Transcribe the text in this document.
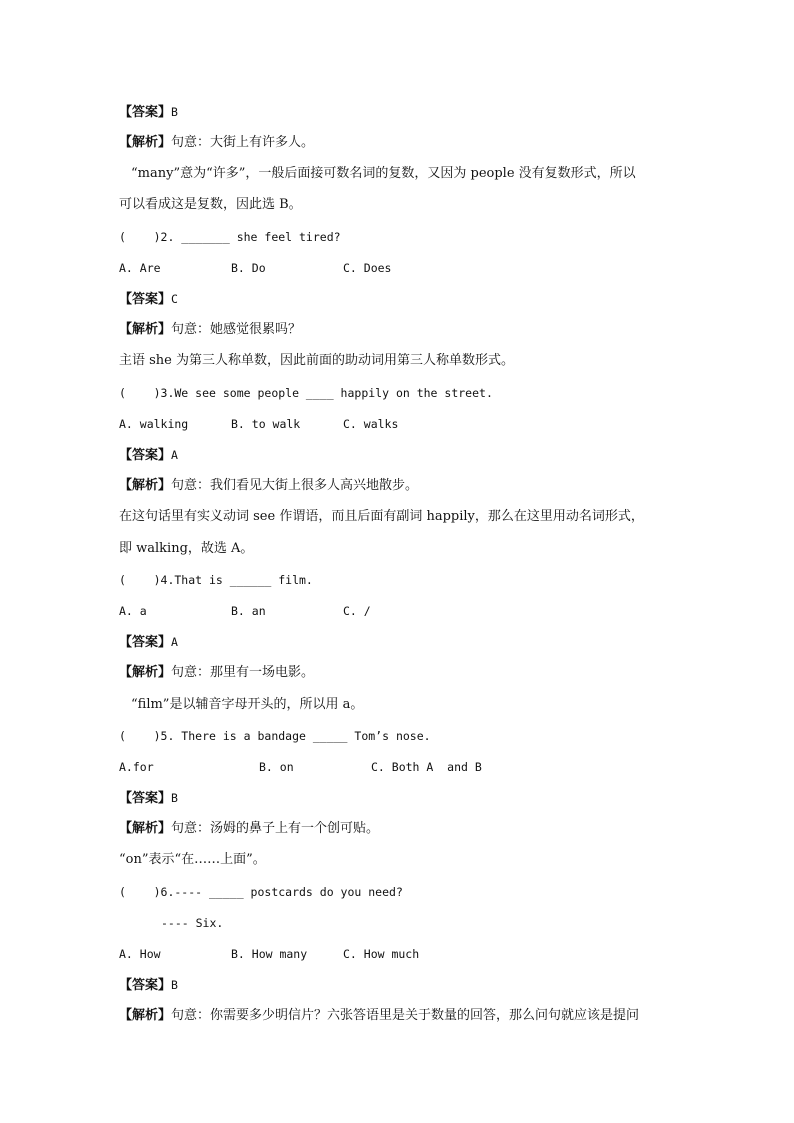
【答案】B
【解析】句意：大街上有许多人。
“many”意为“许多”，一般后面接可数名词的复数，又因为 people 没有复数形式，所以
可以看成这是复数，因此选 B。
(    )2. _______ she feel tired?
A. Are	B. Do	C. Does
【答案】C
【解析】句意：她感觉很累吗？
主语 she 为第三人称单数，因此前面的助动词用第三人称单数形式。
(    )3.We see some people ____ happily on the street.
A. walking	B. to walk	C. walks
【答案】A
【解析】句意：我们看见大街上很多人高兴地散步。
在这句话里有实义动词 see 作谓语，而且后面有副词 happily，那么在这里用动名词形式，
即 walking，故选 A。
(    )4.That is ______ film.
A. a	B. an	C. /
【答案】A
【解析】句意：那里有一场电影。
“film”是以辅音字母开头的，所以用 a。
(    )5. There is a bandage _____ Tom’s nose.
A.for	B. on	C. Both A  and B
【答案】B
【解析】句意：汤姆的鼻子上有一个创可贴。
“on”表示“在……上面”。
(    )6.---- _____ postcards do you need?
---- Six.
A. How	B. How many	C. How much
【答案】B
【解析】句意：你需要多少明信片？六张答语里是关于数量的回答，那么问句就应该是提问
